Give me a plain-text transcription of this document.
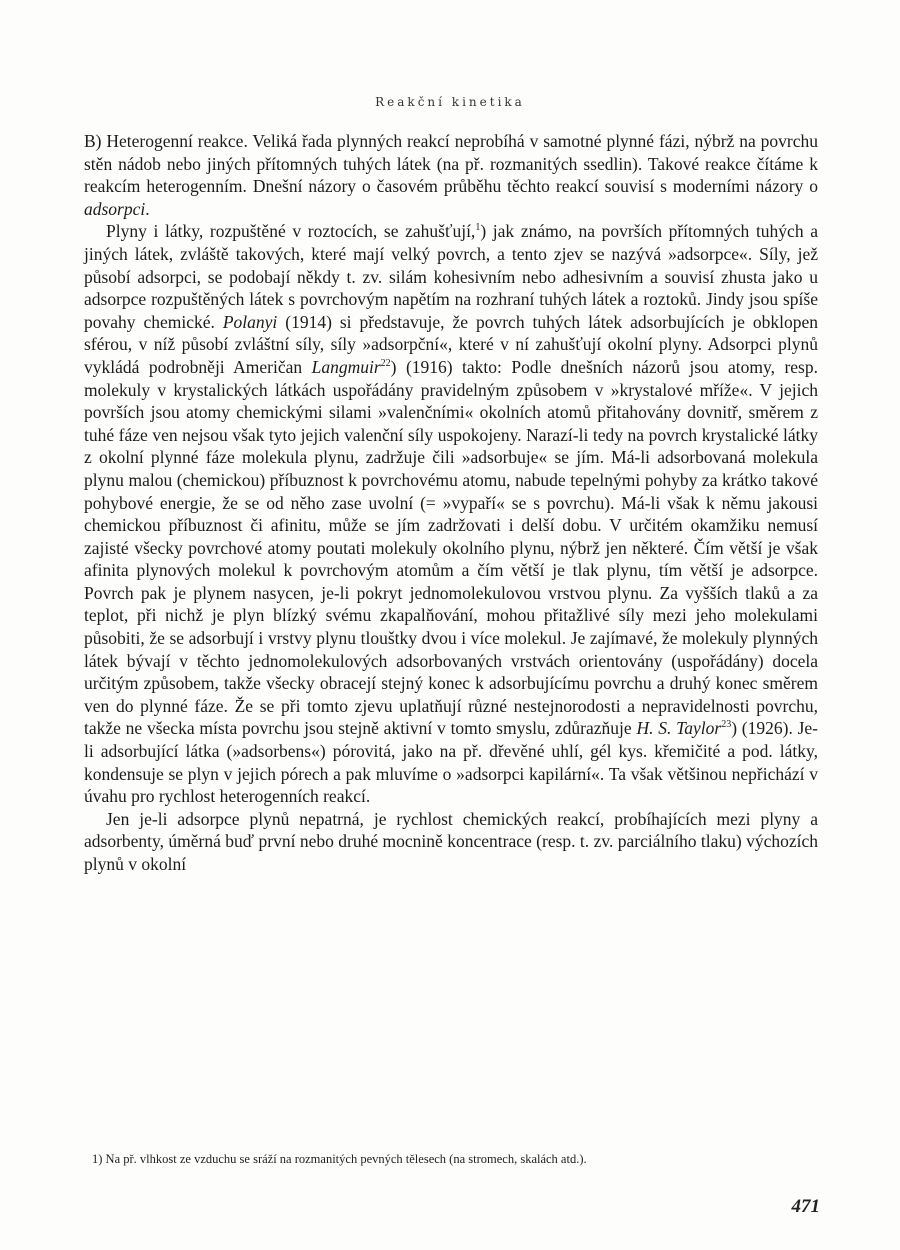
Reakční kinetika

B) Heterogenní reakce. Veliká řada plynných reakcí neprobíhá v samotné plynné fázi, nýbrž na povrchu stěn nádob nebo jiných přítomných tuhých látek (na př. rozmanitých ssedlin). Takové reakce čítáme k reakcím heterogenním. Dnešní názory o časovém průběhu těchto reakcí souvisí s moderními názory o adsorpci.

Plyny i látky, rozpuštěné v roztocích, se zahušťují,$^1$) jak známo, na površích přítomných tuhých a jiných látek, zvláště takových, které mají velký povrch, a tento zjev se nazývá »adsorpce«. Síly, jež působí adsorpci, se podobají někdy t. zv. silám kohesivním nebo adhesivním a souvisí zhusta jako u adsorpce rozpuštěných látek s povrchovým napětím na rozhraní tuhých látek a roztoků. Jindy jsou spíše povahy chemické. Polanyi (1914) si představuje, že povrch tuhých látek adsorbujících je obklopen sférou, v níž působí zvláštní síly, síly »adsorpční«, které v ní zahušťují okolní plyny. Adsorpci plynů vykládá podrobněji Američan Langmuir$^{22}$) (1916) takto: Podle dnešních názorů jsou atomy, resp. molekuly v krystalických látkách uspořádány pravidelným způsobem v »krystalové mříže«. V jejich površích jsou atomy chemickými silami »valenčními« okolních atomů přitahovány dovnitř, směrem z tuhé fáze ven nejsou však tyto jejich valenční síly uspokojeny. Narazí-li tedy na povrch krystalické látky z okolní plynné fáze molekula plynu, zadržuje čili »adsorbuje« se jím. Má-li adsorbovaná molekula plynu malou (chemickou) příbuznost k povrchovému atomu, nabude tepelnými pohyby za krátko takové pohybové energie, že se od něho zase uvolní (= »vypaří« se s povrchu). Má-li však k němu jakousi chemickou příbuznost či afinitu, může se jím zadržovati i delší dobu. V určitém okamžiku nemusí zajisté všecky povrchové atomy poutati molekuly okolního plynu, nýbrž jen některé. Čím větší je však afinita plynových molekul k povrchovým atomům a čím větší je tlak plynu, tím větší je adsorpce. Povrch pak je plynem nasycen, je-li pokryt jednomolekulovou vrstvou plynu. Za vyšších tlaků a za teplot, při nichž je plyn blízký svému zkapalňování, mohou přitažlivé síly mezi jeho molekulami působiti, že se adsorbují i vrstvy plynu tlouštky dvou i více molekul. Je zajímavé, že molekuly plynných látek bývají v těchto jednomolekulových adsorbovaných vrstvách orientovány (uspořádány) docela určitým způsobem, takže všecky obracejí stejný konec k adsorbujícímu povrchu a druhý konec směrem ven do plynné fáze. Že se při tomto zjevu uplatňují různé nestejnorodosti a nepravidelnosti povrchu, takže ne všecka místa povrchu jsou stejně aktivní v tomto smyslu, zdůrazňuje H. S. Taylor$^{23}$) (1926). Je-li adsorbující látka (»adsorbens«) pórovitá, jako na př. dřevěné uhlí, gél kys. křemičité a pod. látky, kondensuje se plyn v jejich pórech a pak mluvíme o »adsorpci kapilární«. Ta však většinou nepřichází v úvahu pro rychlost heterogenních reakcí.

Jen je-li adsorpce plynů nepatrná, je rychlost chemických reakcí, probíhajících mezi plyny a adsorbenty, úměrná buď první nebo druhé mocnině koncentrace (resp. t. zv. parciálního tlaku) výchozích plynů v okolní

1) Na př. vlhkost ze vzduchu se sráží na rozmanitých pevných tělesech (na stromech, skalách atd.).
471
